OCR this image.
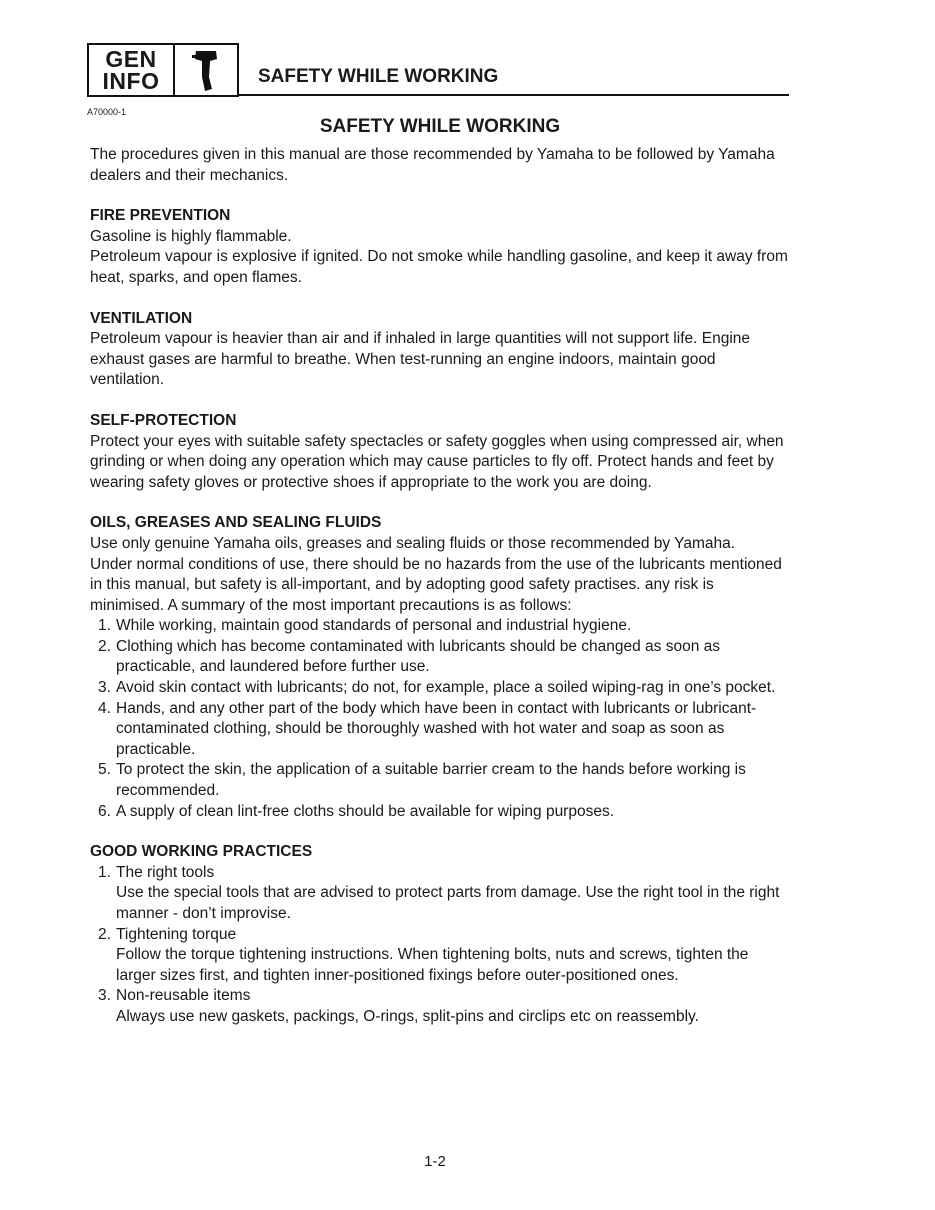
GEN
INFO	SAFETY WHILE WORKING
A70000-1
SAFETY WHILE WORKING

The procedures given in this manual are those recommended by Yamaha to be followed by Yamaha dealers and their mechanics.

FIRE PREVENTION

Gasoline is highly flammable.

Petroleum vapour is explosive if ignited. Do not smoke while handling gasoline, and keep it away from heat, sparks, and open flames.

VENTILATION

Petroleum vapour is heavier than air and if inhaled in large quantities will not support life. Engine exhaust gases are harmful to breathe. When test-running an engine indoors, maintain good ventilation.

SELF-PROTECTION

Protect your eyes with suitable safety spectacles or safety goggles when using compressed air, when grinding or when doing any operation which may cause particles to fly off. Protect hands and feet by wearing safety gloves or protective shoes if appropriate to the work you are doing.

OILS, GREASES AND SEALING FLUIDS

Use only genuine Yamaha oils, greases and sealing fluids or those recommended by Yamaha.

Under normal conditions of use, there should be no hazards from the use of the lubricants mentioned in this manual, but safety is all-important, and by adopting good safety practises. any risk is minimised. A summary of the most important precautions is as follows:

1. While working, maintain good standards of personal and industrial hygiene.
2. Clothing which has become contaminated with lubricants should be changed as soon as practicable, and laundered before further use.
3. Avoid skin contact with lubricants; do not, for example, place a soiled wiping-rag in one’s pocket.
4. Hands, and any other part of the body which have been in contact with lubricants or lubricant-contaminated clothing, should be thoroughly washed with hot water and soap as soon as practicable.
5. To protect the skin, the application of a suitable barrier cream to the hands before working is recommended.
6. A supply of clean lint-free cloths should be available for wiping purposes.
GOOD WORKING PRACTICES
1. The right tools
Use the special tools that are advised to protect parts from damage. Use the right tool in the right manner - don’t improvise.
2. Tightening torque
Follow the torque tightening instructions. When tightening bolts, nuts and screws, tighten the larger sizes first, and tighten inner-positioned fixings before outer-positioned ones.
3. Non-reusable items
Always use new gaskets, packings, O-rings, split-pins and circlips etc on reassembly.
1-2
